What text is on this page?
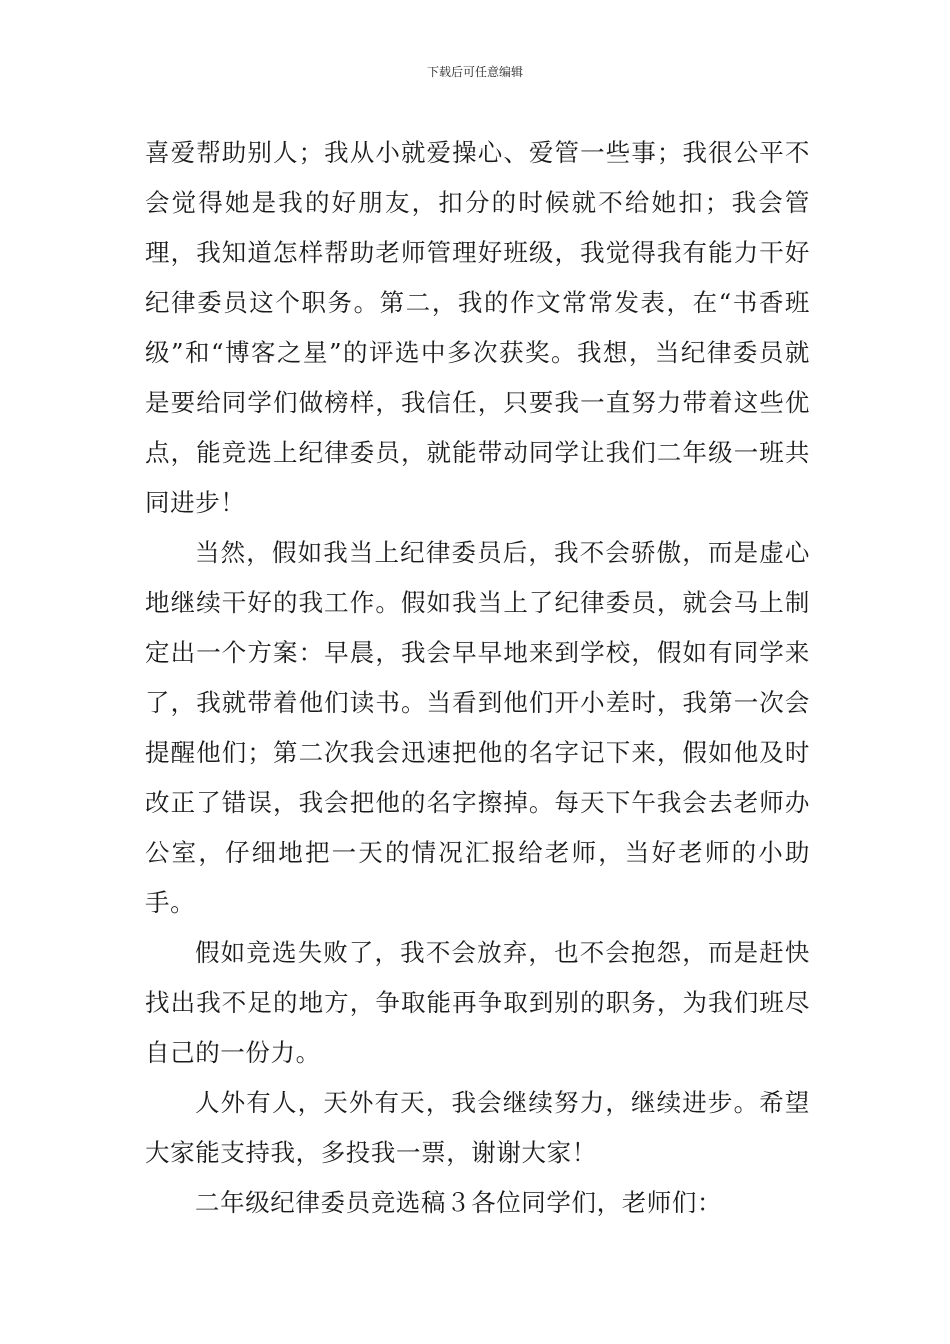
下载后可任意编辑

喜爱帮助别人；我从小就爱操心、爱管一些事；我很公平不会觉得她是我的好朋友，扣分的时候就不给她扣；我会管理，我知道怎样帮助老师管理好班级，我觉得我有能力干好纪律委员这个职务。第二，我的作文常常发表，在“书香班级”和“博客之星”的评选中多次获奖。我想，当纪律委员就是要给同学们做榜样，我信任，只要我一直努力带着这些优点，能竞选上纪律委员，就能带动同学让我们二年级一班共同进步！

当然，假如我当上纪律委员后，我不会骄傲，而是虚心地继续干好的我工作。假如我当上了纪律委员，就会马上制定出一个方案：早晨，我会早早地来到学校，假如有同学来了，我就带着他们读书。当看到他们开小差时，我第一次会提醒他们；第二次我会迅速把他的名字记下来，假如他及时改正了错误，我会把他的名字擦掉。每天下午我会去老师办公室，仔细地把一天的情况汇报给老师，当好老师的小助手。

假如竞选失败了，我不会放弃，也不会抱怨，而是赶快找出我不足的地方，争取能再争取到别的职务，为我们班尽自己的一份力。

人外有人，天外有天，我会继续努力，继续进步。希望大家能支持我，多投我一票，谢谢大家！

二年级纪律委员竞选稿３各位同学们，老师们：
